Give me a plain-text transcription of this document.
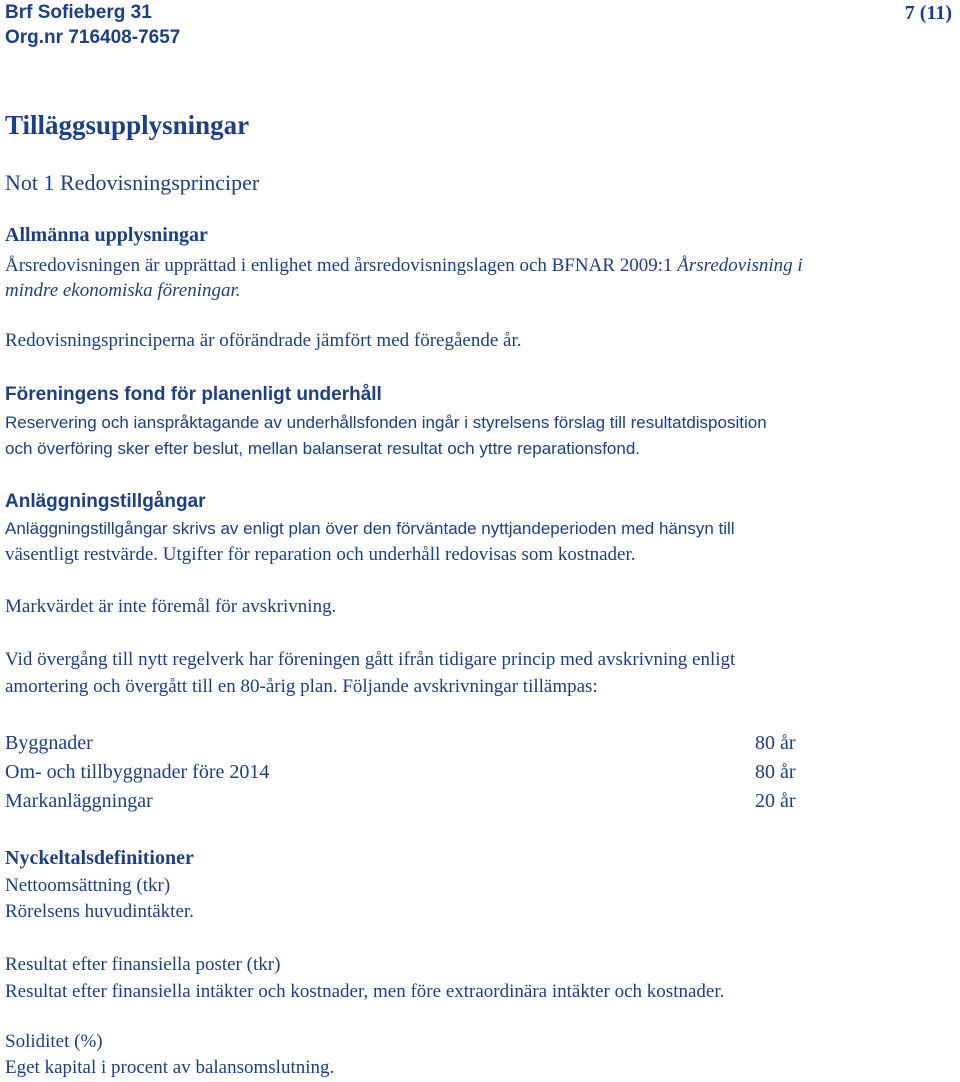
Brf Sofieberg 31
Org.nr 716408-7657
7 (11)
Tilläggsupplysningar
Not 1 Redovisningsprinciper
Allmänna upplysningar
Årsredovisningen är upprättad i enlighet med årsredovisningslagen och BFNAR 2009:1 Årsredovisning i
mindre ekonomiska föreningar.
Redovisningsprinciperna är oförändrade jämfört med föregående år.
Föreningens fond för planenligt underhåll
Reservering och ianspråktagande av underhållsfonden ingår i styrelsens förslag till resultatdisposition
och överföring sker efter beslut, mellan balanserat resultat och yttre reparationsfond.
Anläggningstillgångar
Anläggningstillgångar skrivs av enligt plan över den förväntade nyttjandeperioden med hänsyn till
väsentligt restvärde. Utgifter för reparation och underhåll redovisas som kostnader.
Markvärdet är inte föremål för avskrivning.
Vid övergång till nytt regelverk har föreningen gått ifrån tidigare princip med avskrivning enligt
amortering och övergått till en 80-årig plan. Följande avskrivningar tillämpas:
Byggnader	80 år
Om- och tillbyggnader före 2014	80 år
Markanläggningar	20 år
Nyckeltalsdefinitioner
Nettoomsättning (tkr)
Rörelsens huvudintäkter.
Resultat efter finansiella poster (tkr)
Resultat efter finansiella intäkter och kostnader, men före extraordinära intäkter och kostnader.
Soliditet (%)
Eget kapital i procent av balansomslutning.
